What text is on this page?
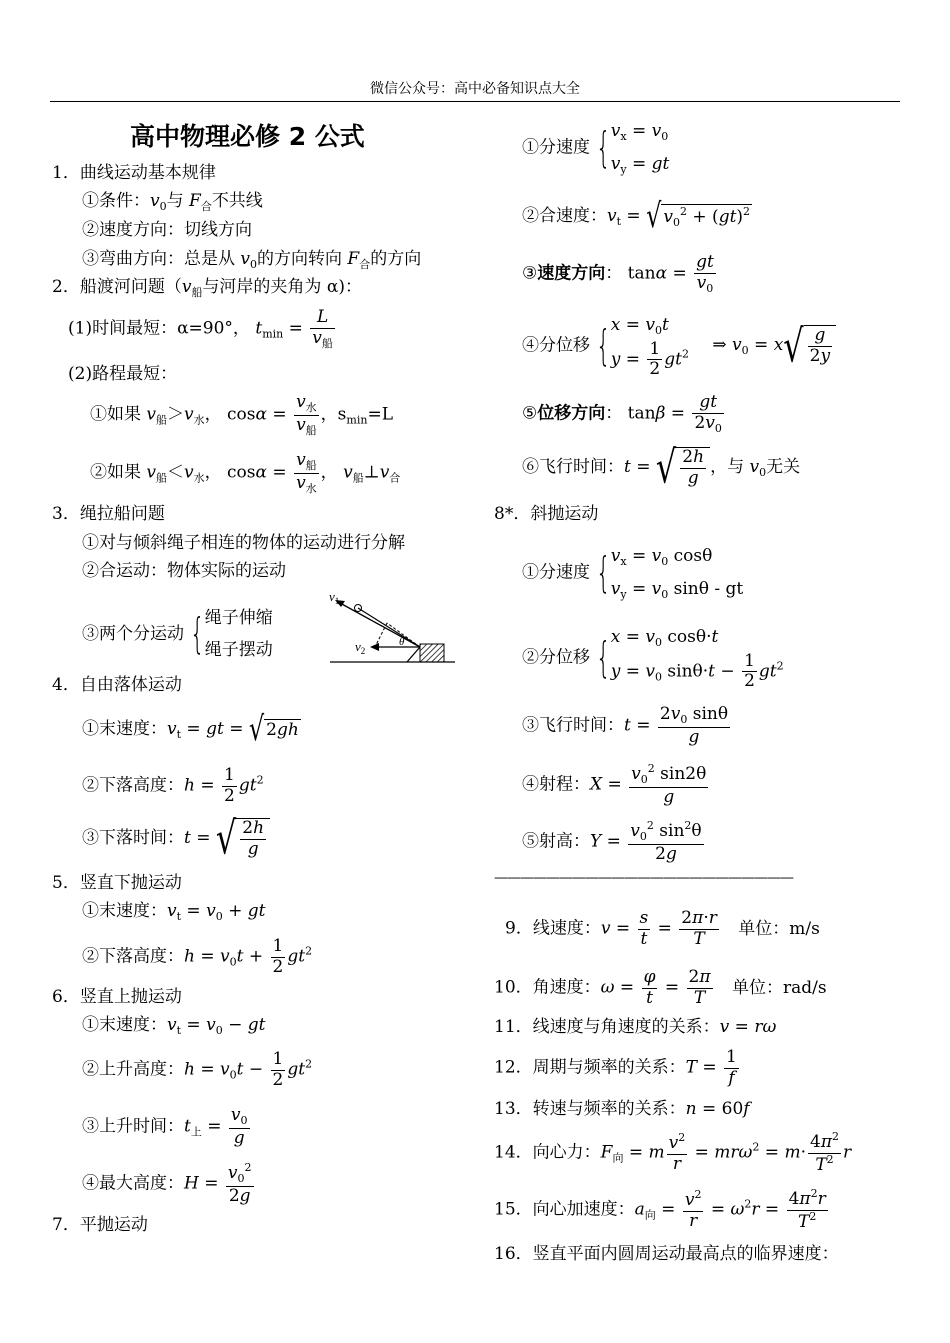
微信公众号：高中必备知识点大全
高中物理必修 2 公式
1．曲线运动基本规律
①条件：$v_0$与 $F_合$不共线
②速度方向：切线方向
③弯曲方向：总是从 $v_0$的方向转向 $F_合$的方向
2．船渡河问题（$v_船$与河岸的夹角为 α)：
(1)时间最短：α=90°， $t_{min} = \frac{L}{v_船}$
(2)路程最短：
①如果 $v_船>v_水$， $\cos\alpha = \frac{v_水}{v_船}$ ，$s_{min}=L$
②如果 $v_船<v_水$， $\cos\alpha = \frac{v_船}{v_水}$ ， $v_船\perp v_合$
3．绳拉船问题
①对与倾斜绳子相连的物体的运动进行分解
②合运动：物体实际的运动
③两个分运动 { 绳子伸缩
绳子摆动
$v_1$
$v_2$
θ
4．自由落体运动
①末速度：$v_t$ = gt = √ 2gh
②下落高度：$h = \frac{1}{2} gt^2$
③下落时间：t = √ $\frac{2h}{g}$
5．竖直下抛运动
①末速度：$v_t = v_0$ + gt
②下落高度：$h = v_0t + \frac{1}{2} gt^2$
6．竖直上抛运动
①末速度：$v_t = v_0$ − gt
②上升高度：$h = v_0t - \frac{1}{2} gt^2$
③上升时间：$t_上 = \frac{v_0}{g}$
④最大高度：$H = \frac{v_0^2}{2g}$
7．平抛运动
①分速度 { $v_x = v_0$
$v_y$ = gt
②合速度：$v_t$ = √ $v_0^2 + (gt)^2$
③速度方向： $\tan\alpha = \frac{gt}{v_0}$
④分位移 { $x = v_0t$
$y = \frac{1}{2} gt^2$ ⇒ $v_0 = x√ \frac{g}{2y}$
⑤位移方向： $\tan\beta = \frac{gt}{2v_0}$
⑥飞行时间：t = √ $\frac{2h}{g}$ ，与 $v_0$无关
8*．斜抛运动
①分速度 { $v_x = v_0$ cosθ
$v_y = v_0$ sinθ - gt
②分位移 { $x = v_0$ cosθ·t
$y = v_0$ $\sin\theta\cdot t - \frac{1}{2} gt^2$
③飞行时间：$t = \frac{2v_0 \sin\theta}{g}$
④射程：$X = \frac{v_0^2 \sin 2\theta}{g}$
⑤射高：$Y = \frac{v_0^2 \sin^2\theta}{2g}$
———————————————————————
9．线速度：$v = \frac{s}{t} = \frac{2\pi\cdot r}{T}$ 单位：m/s
10．角速度：$\omega = \frac{\varphi}{t} = \frac{2\pi}{T}$ 单位：rad/s
11．线速度与角速度的关系：v = rω
12．周期与频率的关系：$T = \frac{1}{f}$
13．转速与频率的关系：n = 60f
14．向心力：$F_向 = m \frac{v^2}{r} = mr\omega^2 = m\cdot \frac{4\pi^2}{T^2}$ r
15．向心加速度：$a_向 = \frac{v^2}{r} = \omega^2r = \frac{4\pi^2r}{T^2}$
16．竖直平面内圆周运动最高点的临界速度：
